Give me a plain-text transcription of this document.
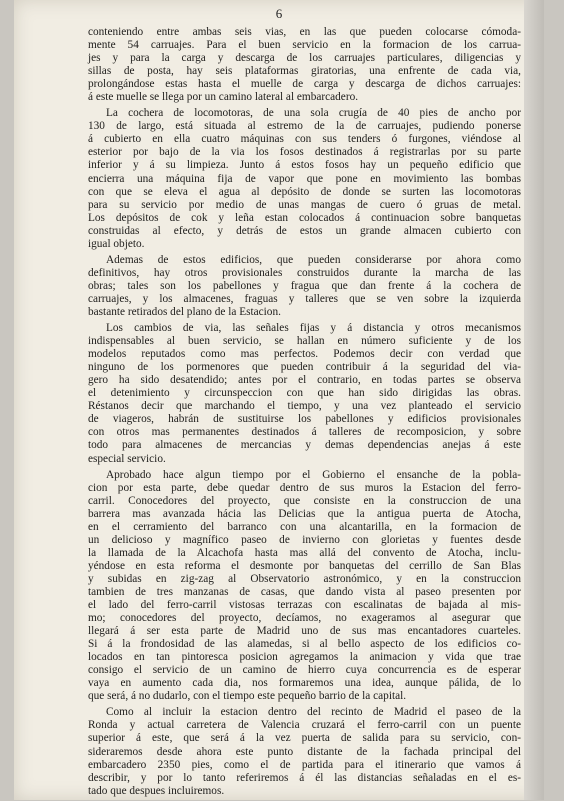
6

conteniendo entre ambas seis vias, en las que pueden colocarse cómoda-
mente 54 carruajes. Para el buen servicio en la formacion de los carrua-
jes y para la carga y descarga de los carruajes particulares, diligencias y
sillas de posta, hay seis plataformas giratorias, una enfrente de cada via,
prolongándose estas hasta el muelle de carga y descarga de dichos carruajes:
á este muelle se llega por un camino lateral al embarcadero.

La cochera de locomotoras, de una sola crugía de 40 pies de ancho por
130 de largo, está situada al estremo de la de carruajes, pudiendo ponerse
á cubierto en ella cuatro máquinas con sus tenders ó furgones, viéndose al
esterior por bajo de la via los fosos destinados á registrarlas por su parte
inferior y á su limpieza. Junto á estos fosos hay un pequeño edificio que
encierra una máquina fija de vapor que pone en movimiento las bombas
con que se eleva el agua al depósito de donde se surten las locomotoras
para su servicio por medio de unas mangas de cuero ó gruas de metal.
Los depósitos de cok y leña estan colocados á continuacion sobre banquetas
construidas al efecto, y detrás de estos un grande almacen cubierto con
igual objeto.

Ademas de estos edificios, que pueden considerarse por ahora como
definitivos, hay otros provisionales construidos durante la marcha de las
obras; tales son los pabellones y fragua que dan frente á la cochera de
carruajes, y los almacenes, fraguas y talleres que se ven sobre la izquierda
bastante retirados del plano de la Estacion.

Los cambios de via, las señales fijas y á distancia y otros mecanismos
indispensables al buen servicio, se hallan en número suficiente y de los
modelos reputados como mas perfectos. Podemos decir con verdad que
ninguno de los pormenores que pueden contribuir á la seguridad del via-
gero ha sido desatendido; antes por el contrario, en todas partes se observa
el detenimiento y circunspeccion con que han sido dirigidas las obras.
Réstanos decir que marchando el tiempo, y una vez planteado el servicio
de viageros, habrán de sustituirse los pabellones y edificios provisionales
con otros mas permanentes destinados á talleres de recomposicion, y sobre
todo para almacenes de mercancias y demas dependencias anejas á este
especial servicio.

Aprobado hace algun tiempo por el Gobierno el ensanche de la pobla-
cion por esta parte, debe quedar dentro de sus muros la Estacion del ferro-
carril. Conocedores del proyecto, que consiste en la construccion de una
barrera mas avanzada hácia las Delicias que la antigua puerta de Atocha,
en el cerramiento del barranco con una alcantarilla, en la formacion de
un delicioso y magnífico paseo de invierno con glorietas y fuentes desde
la llamada de la Alcachofa hasta mas allá del convento de Atocha, inclu-
yéndose en esta reforma el desmonte por banquetas del cerrillo de San Blas
y subidas en zig-zag al Observatorio astronómico, y en la construccion
tambien de tres manzanas de casas, que dando vista al paseo presenten por
el lado del ferro-carril vistosas terrazas con escalinatas de bajada al mis-
mo; conocedores del proyecto, decíamos, no exageramos al asegurar que
llegará á ser esta parte de Madrid uno de sus mas encantadores cuarteles.
Si á la frondosidad de las alamedas, si al bello aspecto de los edificios co-
locados en tan pintoresca posicion agregamos la animacion y vida que trae
consigo el servicio de un camino de hierro cuya concurrencia es de esperar
vaya en aumento cada dia, nos formaremos una idea, aunque pálida, de lo
que será, á no dudarlo, con el tiempo este pequeño barrio de la capital.

Como al incluir la estacion dentro del recinto de Madrid el paseo de la
Ronda y actual carretera de Valencia cruzará el ferro-carril con un puente
superior á este, que será á la vez puerta de salida para su servicio, con-
sideraremos desde ahora este punto distante de la fachada principal del
embarcadero 2350 pies, como el de partida para el itinerario que vamos á
describir, y por lo tanto referiremos á él las distancias señaladas en el es-
tado que despues incluiremos.
